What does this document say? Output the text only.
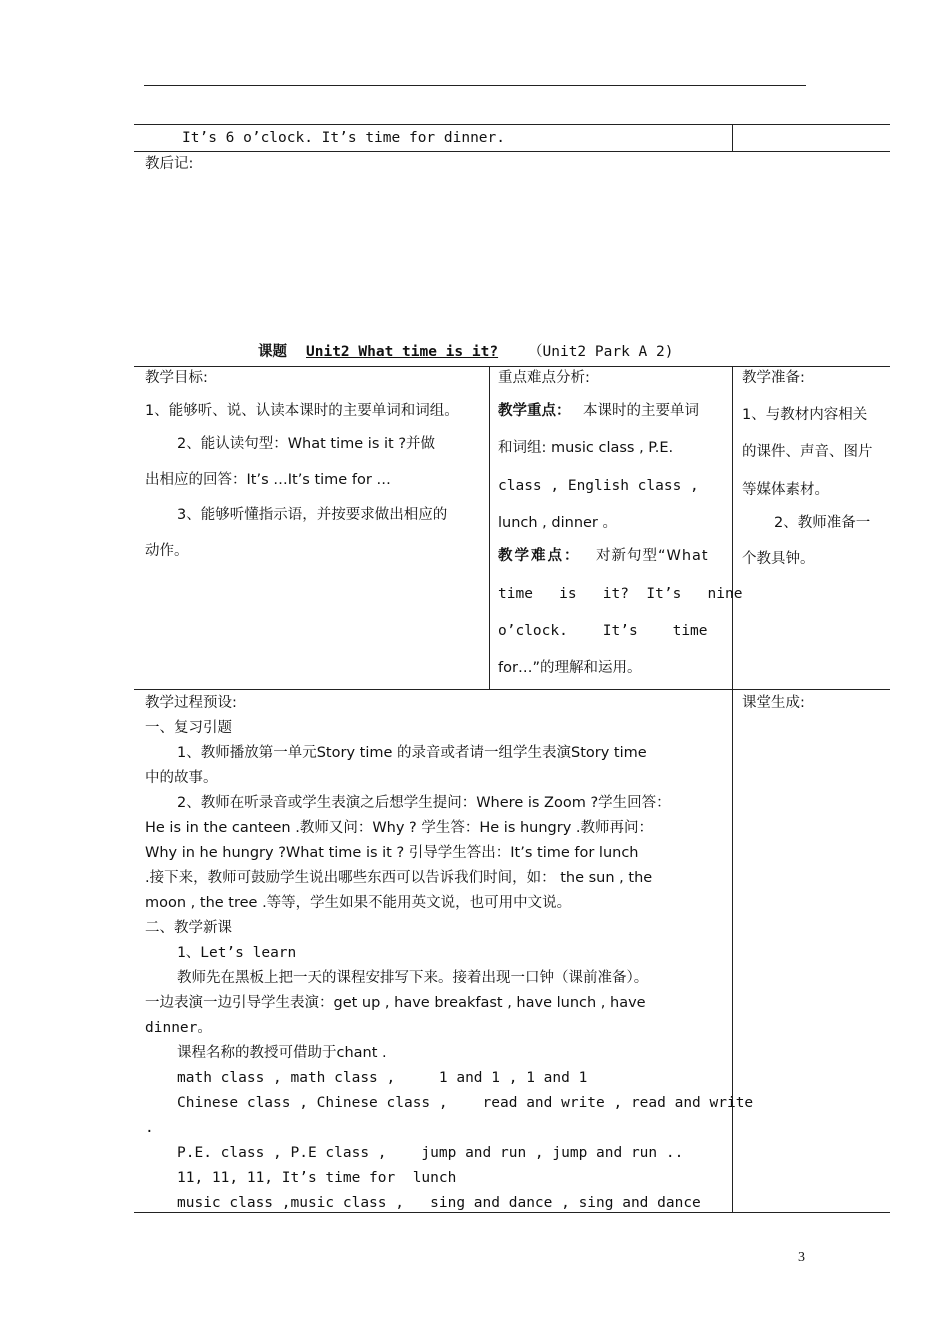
It’s 6 o’clock. It’s time for dinner.
教后记:
课题 Unit2 What time is it?	（Unit2 Park A 2)
教学目标:
1、能够听、说、认读本课时的主要单词和词组。
2、能认读句型：What time is it ?并做
出相应的回答：It’s …It’s time for …
3、能够听懂指示语，并按要求做出相应的
动作。
重点难点分析:
教学重点： 本课时的主要单词
和词组: music class , P.E.
class , English class ,
lunch , dinner 。
教学难点： 对新句型“What
time   is   it?  It’s   nine
o’clock.    It’s    time
for…”的理解和运用。
教学准备:
1、与教材内容相关
的课件、声音、图片
等媒体素材。
2、教师准备一
个教具钟。
教学过程预设:	课堂生成:
一、复习引题
1、教师播放第一单元Story time 的录音或者请一组学生表演Story time
中的故事。
2、教师在听录音或学生表演之后想学生提问：Where is Zoom ?学生回答：
He is in the canteen .教师又问：Why ? 学生答：He is hungry .教师再问：
Why in he hungry ?What time is it ? 引导学生答出：It’s time for lunch
.接下来，教师可鼓励学生说出哪些东西可以告诉我们时间，如： the sun , the
moon , the tree .等等，学生如果不能用英文说，也可用中文说。
二、教学新课
1、Let’s learn
教师先在黑板上把一天的课程安排写下来。接着出现一口钟（课前准备）。
一边表演一边引导学生表演：get up , have breakfast , have lunch , have
dinner。
课程名称的教授可借助于chant .
math class , math class ,     1 and 1 , 1 and 1
Chinese class , Chinese class ,    read and write , read and write
.
P.E. class , P.E class ,    jump and run , jump and run ..
11, 11, 11, It’s time for  lunch
music class ,music class ,   sing and dance , sing and dance
3
